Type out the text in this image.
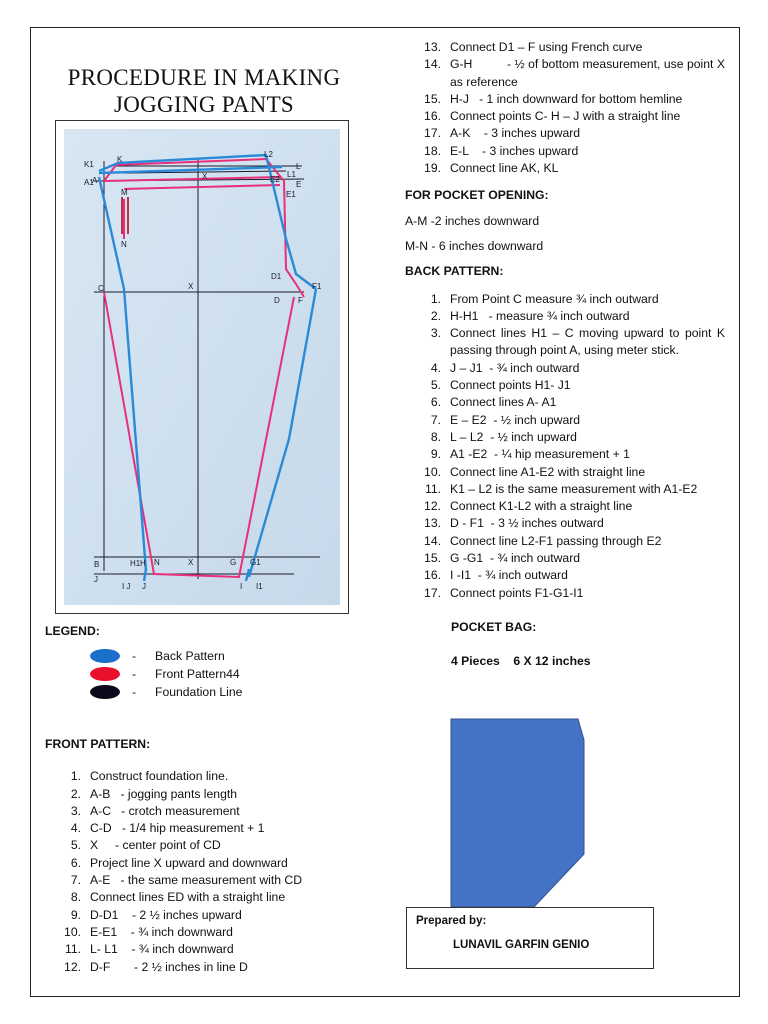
PROCEDURE IN MAKING
JOGGING PANTS
K
K1
A
A1
M
N
C	X
B	H1 H N	X	G G1
J
I J J	I I1
L2
L
L1
E2
E
E1
X
D1
F1
D F
LEGEND:
- Back Pattern
- Front Pattern44
- Foundation Line
FRONT PATTERN:
1. Construct foundation line.
2. A-B   - jogging pants length
3. A-C   - crotch measurement
4. C-D   - 1/4 hip measurement + 1
5. X     - center point of CD
6. Project line X upward and downward
7. A-E   - the same measurement with CD
8. Connect lines ED with a straight line
9. D-D1    - 2 ½ inches upward
10. E-E1    - ¾ inch downward
11. L- L1    - ¾ inch downward
12. D-F       - 2 ½ inches in line D
13. Connect D1 – F using French curve
14. G-H          - ½ of bottom measurement, use point X as reference
15. H-J   - 1 inch downward for bottom hemline
16. Connect points C- H – J with a straight line
17. A-K    - 3 inches upward
18. E-L    - 3 inches upward
19. Connect line AK, KL
FOR POCKET OPENING:
A-M -2 inches downward
M-N - 6 inches downward
BACK PATTERN:
1. From Point C measure ¾ inch outward
2. H-H1   - measure ¾ inch outward
3. Connect lines H1 – C moving upward to point K passing through point A, using meter stick.
4. J – J1  - ¾ inch outward
5. Connect points H1- J1
6. Connect lines A- A1
7. E – E2  - ½ inch upward
8. L – L2  - ½ inch upward
9. A1 -E2  - ¼ hip measurement + 1
10. Connect line A1-E2 with straight line
11. K1 – L2 is the same measurement with A1-E2
12. Connect K1-L2 with a straight line
13. D - F1  - 3 ½ inches outward
14. Connect line L2-F1 passing through E2
15. G -G1  - ¾ inch outward
16. I -I1  - ¾ inch outward
17. Connect points F1-G1-I1
POCKET BAG:
4 Pieces    6 X 12 inches
Prepared by:
LUNAVIL GARFIN GENIO
